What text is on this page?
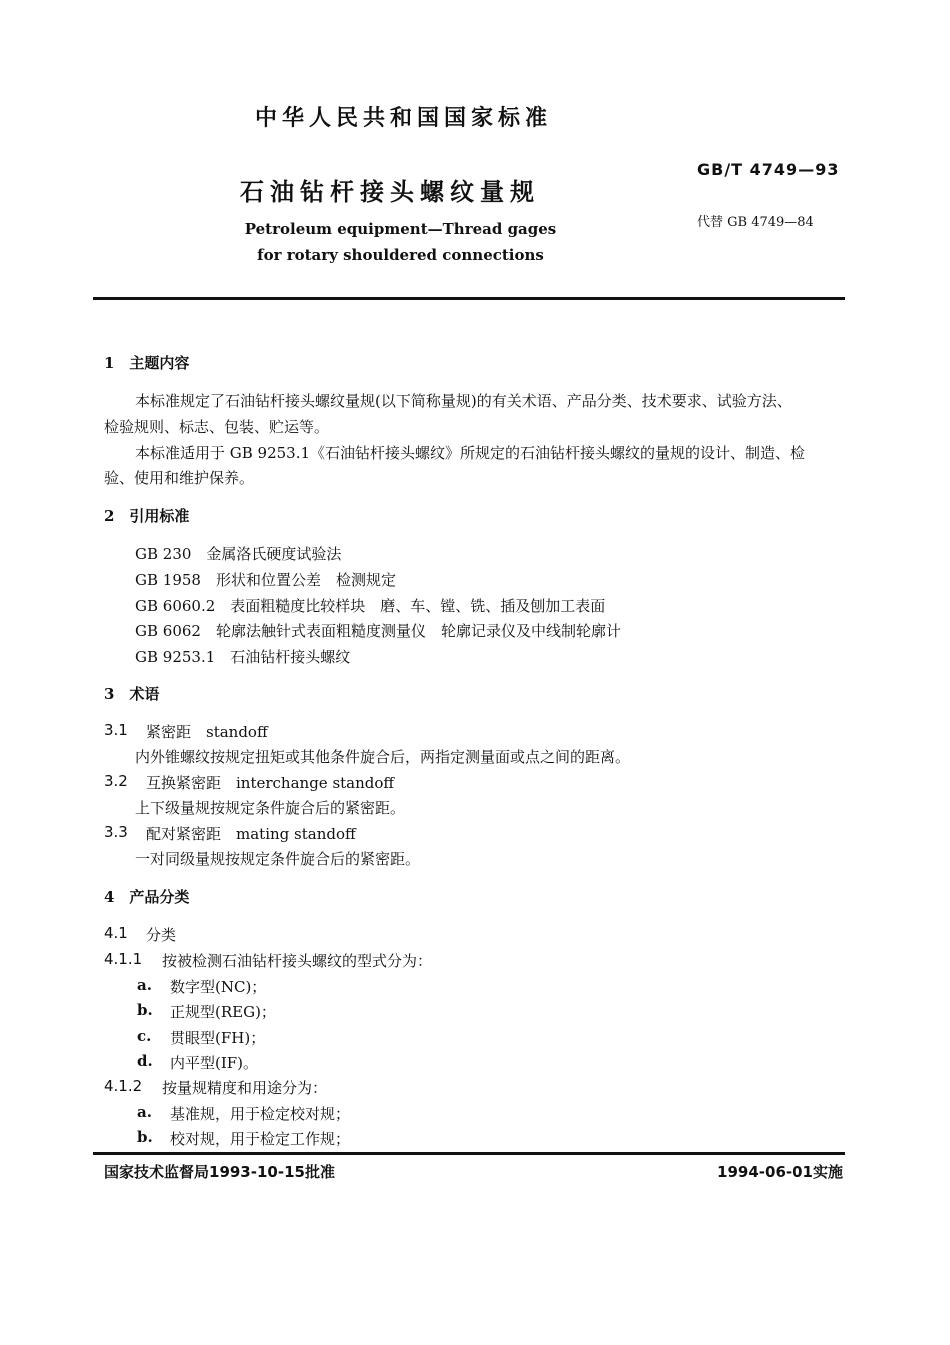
中华人民共和国国家标准
GB/T 4749—93
石油钻杆接头螺纹量规
代替 GB 4749—84
Petroleum equipment—Thread gages
for rotary shouldered connections
1　主题内容
本标准规定了石油钻杆接头螺纹量规(以下简称量规)的有关术语、产品分类、技术要求、试验方法、
检验规则、标志、包装、贮运等。
本标准适用于 GB 9253.1《石油钻杆接头螺纹》所规定的石油钻杆接头螺纹的量规的设计、制造、检
验、使用和维护保养。
2　引用标准
GB 230　金属洛氏硬度试验法
GB 1958　形状和位置公差　检测规定
GB 6060.2　表面粗糙度比较样块　磨、车、镗、铣、插及刨加工表面
GB 6062　轮廓法触针式表面粗糙度测量仪　轮廓记录仪及中线制轮廓计
GB 9253.1　石油钻杆接头螺纹
3　术语
3.1 紧密距　standoff
内外锥螺纹按规定扭矩或其他条件旋合后，两指定测量面或点之间的距离。
3.2 互换紧密距　interchange standoff
上下级量规按规定条件旋合后的紧密距。
3.3 配对紧密距　mating standoff
一对同级量规按规定条件旋合后的紧密距。
4　产品分类
4.1 分类
4.1.1 按被检测石油钻杆接头螺纹的型式分为：
a. 数字型(NC)；
b. 正规型(REG)；
c. 贯眼型(FH)；
d. 内平型(IF)。
4.1.2 按量规精度和用途分为：
a. 基准规，用于检定校对规；
b. 校对规，用于检定工作规；
国家技术监督局1993-10-15批准	1994-06-01实施
